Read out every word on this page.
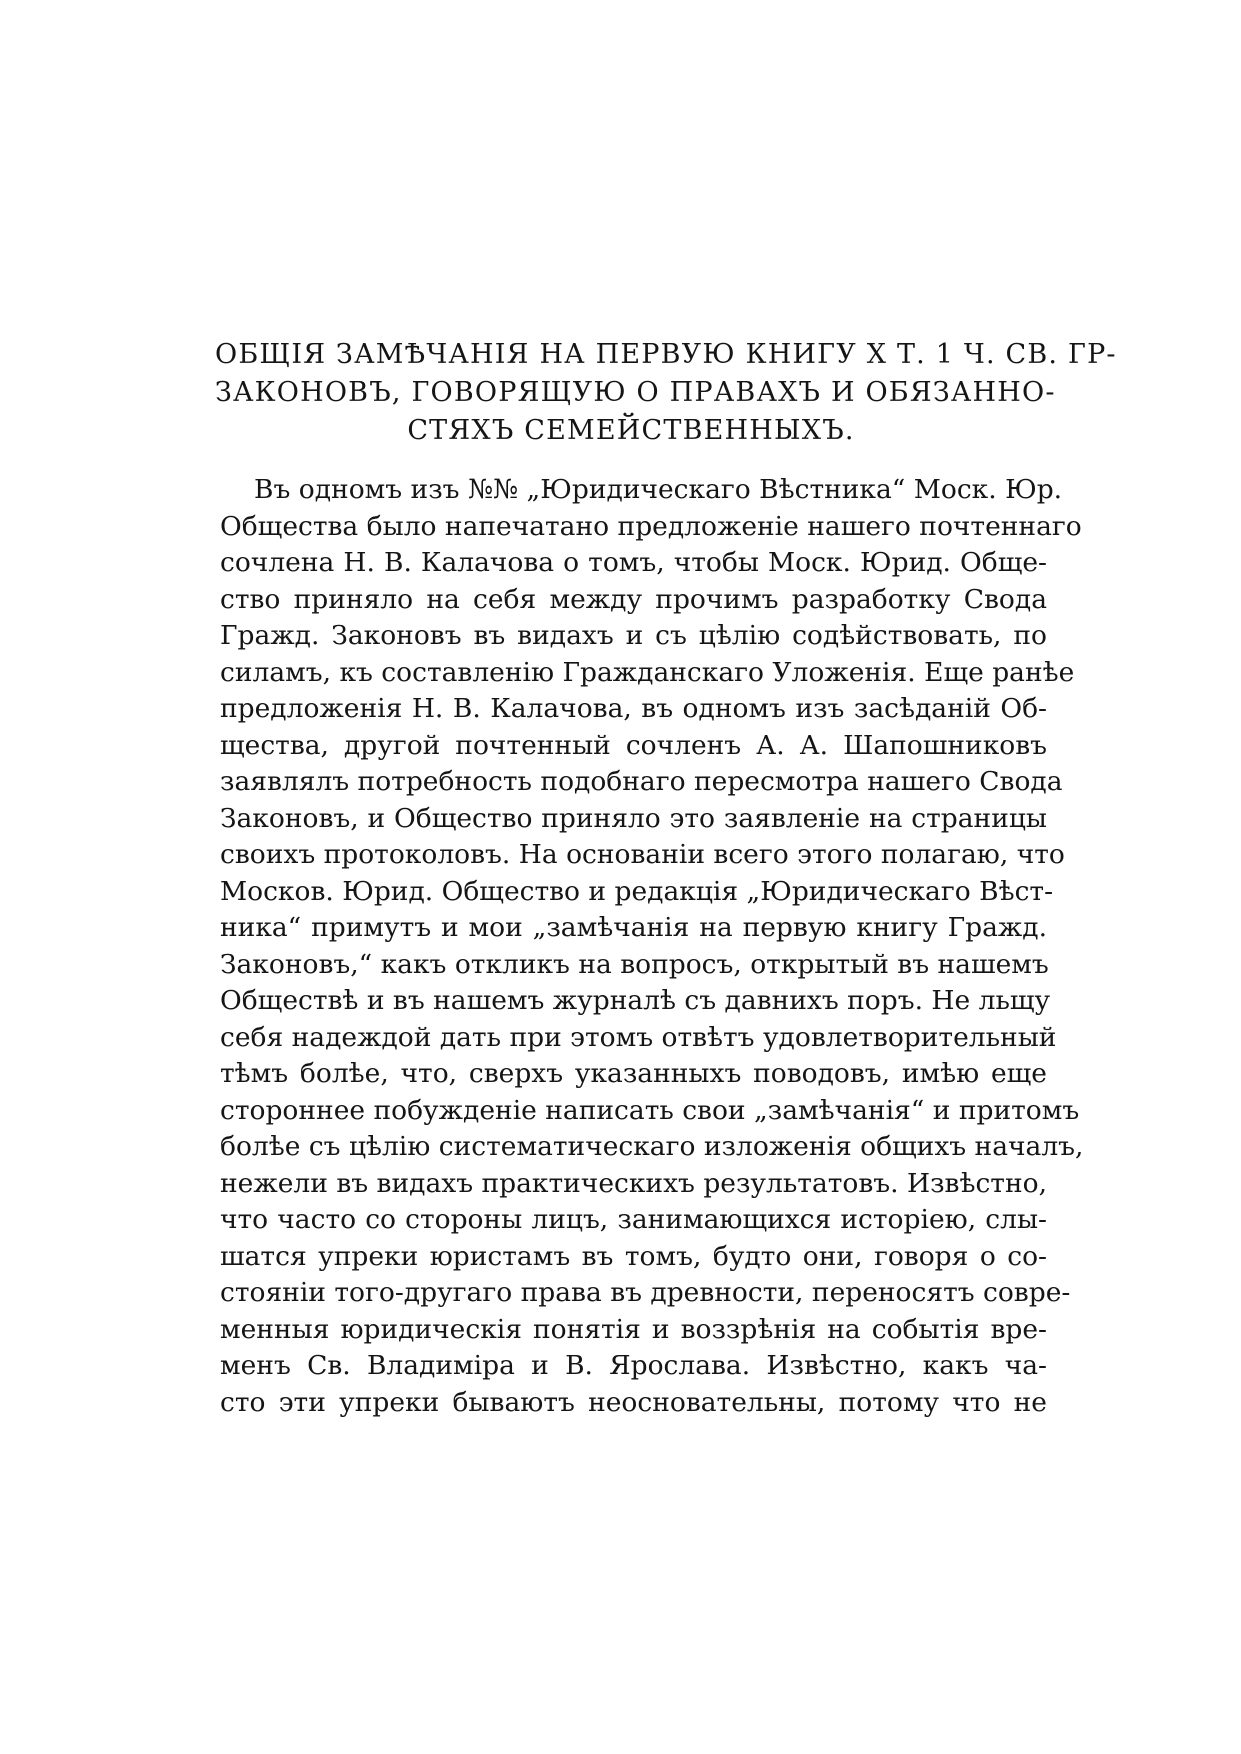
ОБЩІЯ ЗАМѢЧАНІЯ НА ПЕРВУЮ КНИГУ Х Т. 1 Ч. СВ. ГР-
ЗАКОНОВЪ, ГОВОРЯЩУЮ О ПРАВАХЪ И ОБЯЗАННО-
СТЯХЪ СЕМЕЙСТВЕННЫХЪ.
Въ одномъ изъ №№ „Юридическаго Вѣстника“ Моск. Юр.
Общества было напечатано предложеніе нашего почтеннаго
сочлена Н. В. Калачова о томъ, чтобы Моск. Юрид. Обще-
ство приняло на себя между прочимъ разработку Свода
Гражд. Законовъ въ видахъ и съ цѣлію содѣйствовать, по
силамъ, къ составленію Гражданскаго Уложенія. Еще ранѣе
предложенія Н. В. Калачова, въ одномъ изъ засѣданій Об-
щества, другой почтенный сочленъ А. А. Шапошниковъ
заявлялъ потребность подобнаго пересмотра нашего Свода
Законовъ, и Общество приняло это заявленіе на страницы
своихъ протоколовъ. На основаніи всего этого полагаю, что
Москов. Юрид. Общество и редакція „Юридическаго Вѣст-
ника“ примутъ и мои „замѣчанія на первую книгу Гражд.
Законовъ,“ какъ откликъ на вопросъ, открытый въ нашемъ
Обществѣ и въ нашемъ журналѣ съ давнихъ поръ. Не льщу
себя надеждой дать при этомъ отвѣтъ удовлетворительный
тѣмъ болѣе, что, сверхъ указанныхъ поводовъ, имѣю еще
стороннее побужденіе написать свои „замѣчанія“ и притомъ
болѣе съ цѣлію систематическаго изложенія общихъ началъ,
нежели въ видахъ практическихъ результатовъ. Извѣстно,
что часто со стороны лицъ, занимающихся исторіею, слы-
шатся упреки юристамъ въ томъ, будто они, говоря о со-
стояніи того-другаго права въ древности, переносятъ совре-
менныя юридическія понятія и воззрѣнія на событія вре-
менъ Св. Владиміра и В. Ярослава. Извѣстно, какъ ча-
сто эти упреки бываютъ неосновательны, потому что не
